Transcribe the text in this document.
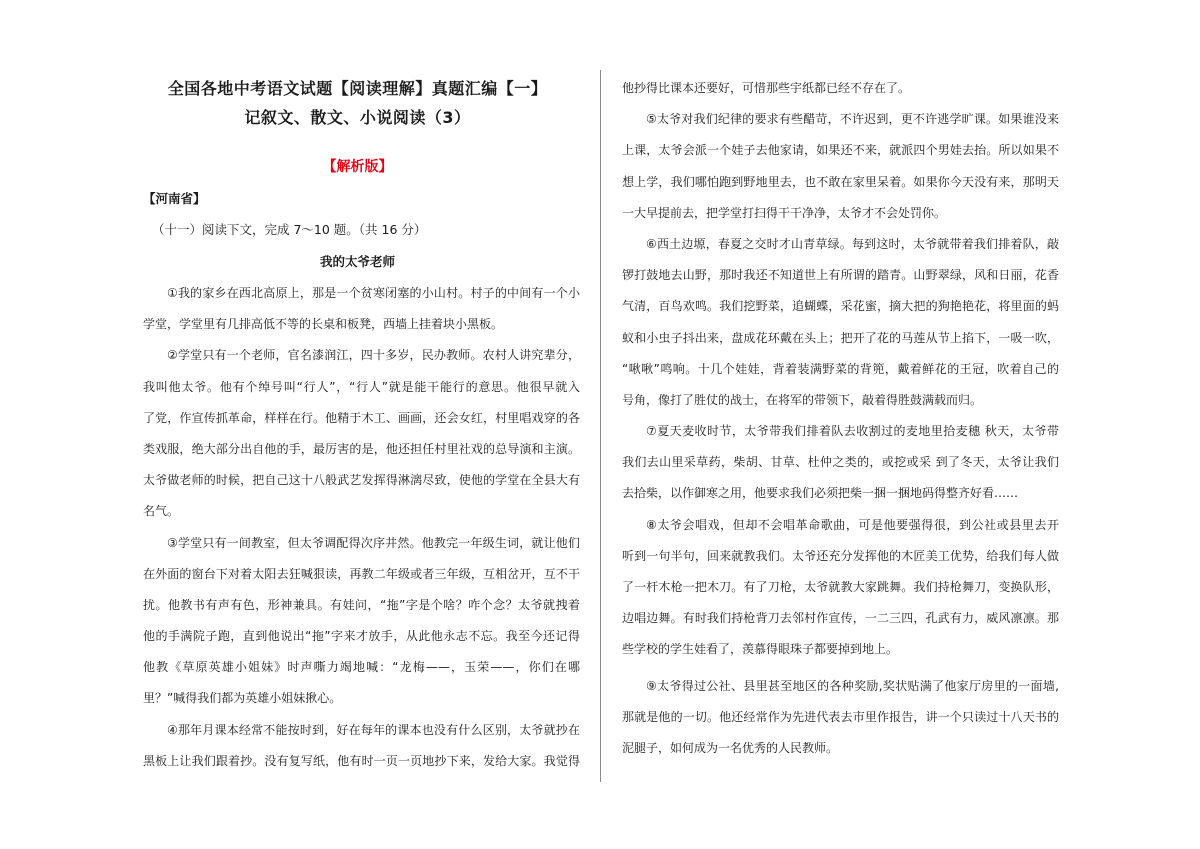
全国各地中考语文试题【阅读理解】真题汇编【一】
记叙文、散文、小说阅读（3）
【解析版】
【河南省】
（十一）阅读下文，完成 7～10 题。（共 16 分）
我的太爷老师
①我的家乡在西北高原上，那是一个贫寒闭塞的小山村。村子的中间有一个小
学堂，学堂里有几排高低不等的长桌和板凳，西墙上挂着块小黑板。
②学堂只有一个老师，官名漆润江，四十多岁，民办教师。农村人讲究辈分，
我叫他太爷。他有个绰号叫“行人”，“行人”就是能干能行的意思。他很早就入
了党，作宣传抓革命，样样在行。他精于木工、画画，还会女红，村里唱戏穿的各
类戏服，绝大部分出自他的手，最厉害的是，他还担任村里社戏的总导演和主演。
太爷做老师的时候，把自己这十八般武艺发挥得淋漓尽致，使他的学堂在全县大有
名气。
③学堂只有一间教室，但太爷调配得次序井然。他教完一年级生词，就让他们
在外面的窗台下对着太阳去狂喊狠读，再教二年级或者三年级，互相岔开，互不干
扰。他教书有声有色，形神兼具。有娃问，“拖”字是个啥？咋个念？太爷就拽着
他的手满院子跑，直到他说出“拖”字来才放手，从此他永志不忘。我至今还记得
他教《草原英雄小姐妹》时声嘶力竭地喊：“龙梅——，玉荣——，你们在哪
里？”喊得我们都为英雄小姐妹揪心。
④那年月课本经常不能按时到，好在每年的课本也没有什么区别，太爷就抄在
黑板上让我们跟着抄。没有复写纸，他有时一页一页地抄下来，发给大家。我觉得
他抄得比课本还要好，可惜那些宇纸都已经不存在了。
⑤太爷对我们纪律的要求有些醋苛，不许迟到，更不许逃学旷课。如果谁没来
上课，太爷会派一个娃子去他家请，如果还不来，就派四个男娃去抬。所以如果不
想上学，我们哪怕跑到野地里去，也不敢在家里呆着。如果你今天没有来，那明天
一大早提前去，把学堂打扫得干干净净，太爷才不会处罚你。
⑥西土边塬，春夏之交时才山青草绿。每到这时，太爷就带着我们排着队，敲
锣打鼓地去山野，那时我还不知道世上有所谓的踏青。山野翠绿，风和日丽，花香
气清，百鸟欢鸣。我们挖野菜，追蝴蝶，采花蜜，摘大把的狗艳艳花，将里面的蚂
蚁和小虫子抖出来，盘成花环戴在头上；把开了花的马莲从节上掐下，一吸一吹，
“啾啾”鸣响。十几个娃娃，背着装满野菜的背篼，戴着鲜花的王冠，吹着自己的
号角，像打了胜仗的战士，在将军的带领下，敲着得胜鼓满载而归。
⑦夏天麦收时节，太爷带我们排着队去收割过的麦地里拾麦穗 秋天，太爷带
我们去山里采草药，柴胡、甘草、杜仲之类的，或挖或采 到了冬天，太爷让我们
去拾柴，以作御寒之用，他要求我们必须把柴一捆一捆地码得整齐好看……
⑧太爷会唱戏，但却不会唱革命歌曲，可是他要强得很，到公社或县里去开
听到一句半句，回来就教我们。太爷还充分发挥他的木匠美工优势，给我们每人做
了一杆木枪一把木刀。有了刀枪，太爷就教大家跳舞。我们持枪舞刀，变换队形，
边唱边舞。有时我们持枪背刀去邻村作宣传，一二三四，孔武有力，威风凛凛。那
些学校的学生娃看了，羡慕得眼珠子都要掉到地上。
⑨太爷得过公社、县里甚至地区的各种奖励,奖状贴满了他家厅房里的一面墙,
那就是他的一切。他还经常作为先进代表去市里作报告，讲一个只读过十八天书的
泥腿子，如何成为一名优秀的人民教师。
